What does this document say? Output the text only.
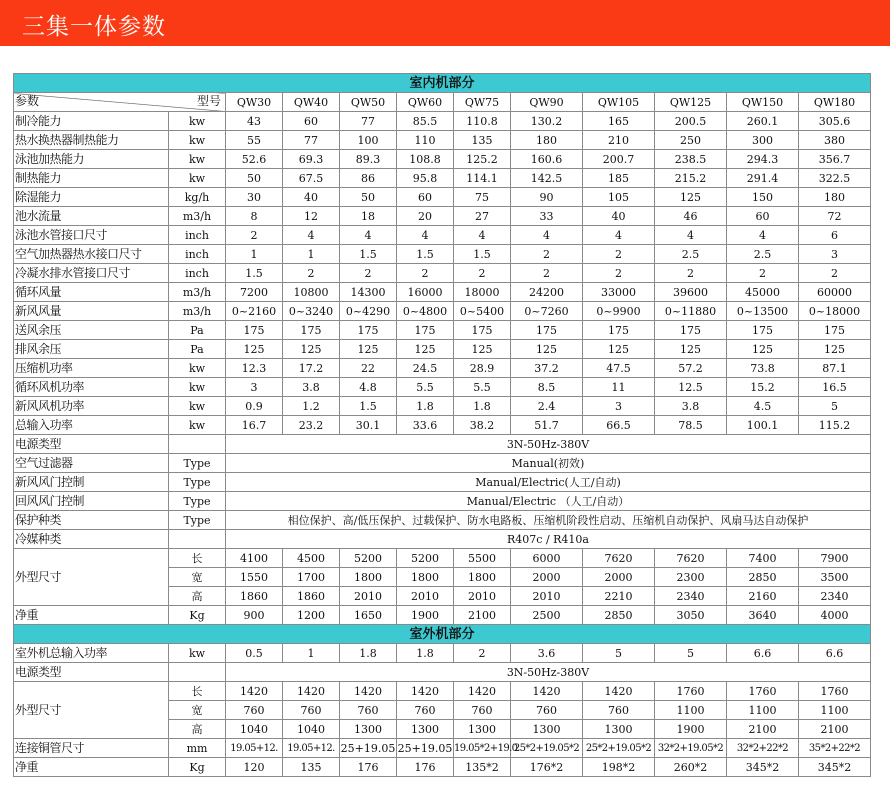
三集一体参数
室内机部分											

参数 型号		QW30	QW40	QW50	QW60	QW75	QW90	QW105	QW125	QW150	QW180
制冷能力	kw	43	60	77	85.5	110.8	130.2	165	200.5	260.1	305.6
热水换热器制热能力	kw	55	77	100	110	135	180	210	250	300	380
泳池加热能力	kw	52.6	69.3	89.3	108.8	125.2	160.6	200.7	238.5	294.3	356.7
制热能力	kw	50	67.5	86	95.8	114.1	142.5	185	215.2	291.4	322.5
除湿能力	kg/h	30	40	50	60	75	90	105	125	150	180
池水流量	m3/h	8	12	18	20	27	33	40	46	60	72
泳池水管接口尺寸	inch	2	4	4	4	4	4	4	4	4	6
空气加热器热水接口尺寸	inch	1	1	1.5	1.5	1.5	2	2	2.5	2.5	3
冷凝水排水管接口尺寸	inch	1.5	2	2	2	2	2	2	2	2	2
循环风量	m3/h	7200	10800	14300	16000	18000	24200	33000	39600	45000	60000
新风风量	m3/h	0~2160	0~3240	0~4290	0~4800	0~5400	0~7260	0~9900	0~11880	0~13500	0~18000
送风余压	Pa	175	175	175	175	175	175	175	175	175	175
排风余压	Pa	125	125	125	125	125	125	125	125	125	125
压缩机功率	kw	12.3	17.2	22	24.5	28.9	37.2	47.5	57.2	73.8	87.1
循环风机功率	kw	3	3.8	4.8	5.5	5.5	8.5	11	12.5	15.2	16.5
新风风机功率	kw	0.9	1.2	1.5	1.8	1.8	2.4	3	3.8	4.5	5
总输入功率	kw	16.7	23.2	30.1	33.6	38.2	51.7	66.5	78.5	100.1	115.2
电源类型		3N-50Hz-380V									
空气过滤器	Type	Manual(初效)									
新风风门控制	Type	Manual/Electric(人工/自动)									
回风风门控制	Type	Manual/Electric （人工/自动）									
保护种类	Type	相位保护、高/低压保护、过载保护、防水电路板、压缩机阶段性启动、压缩机自动保护、风扇马达自动保护									
冷媒种类		R407c / R410a									
外型尺寸	长	4100	4500	5200	5200	5500	6000	7620	7620	7400	7900
	宽	1550	1700	1800	1800	1800	2000	2000	2300	2850	3500
	高	1860	1860	2010	2010	2010	2010	2210	2340	2160	2340
净重	Kg	900	1200	1650	1900	2100	2500	2850	3050	3640	4000
室外机部分											
室外机总输入功率	kw	0.5	1	1.8	1.8	2	3.6	5	5	6.6	6.6
电源类型		3N-50Hz-380V									
外型尺寸	长	1420	1420	1420	1420	1420	1420	1420	1760	1760	1760
	宽	760	760	760	760	760	760	760	1100	1100	1100
	高	1040	1040	1300	1300	1300	1300	1300	1900	2100	2100
连接铜管尺寸	mm	19.05+12.	19.05+12.	25+19.05	25+19.05	19.05*2+19.0	25*2+19.05*2	25*2+19.05*2	32*2+19.05*2	32*2+22*2	35*2+22*2
净重	Kg	120	135	176	176	135*2	176*2	198*2	260*2	345*2	345*2
